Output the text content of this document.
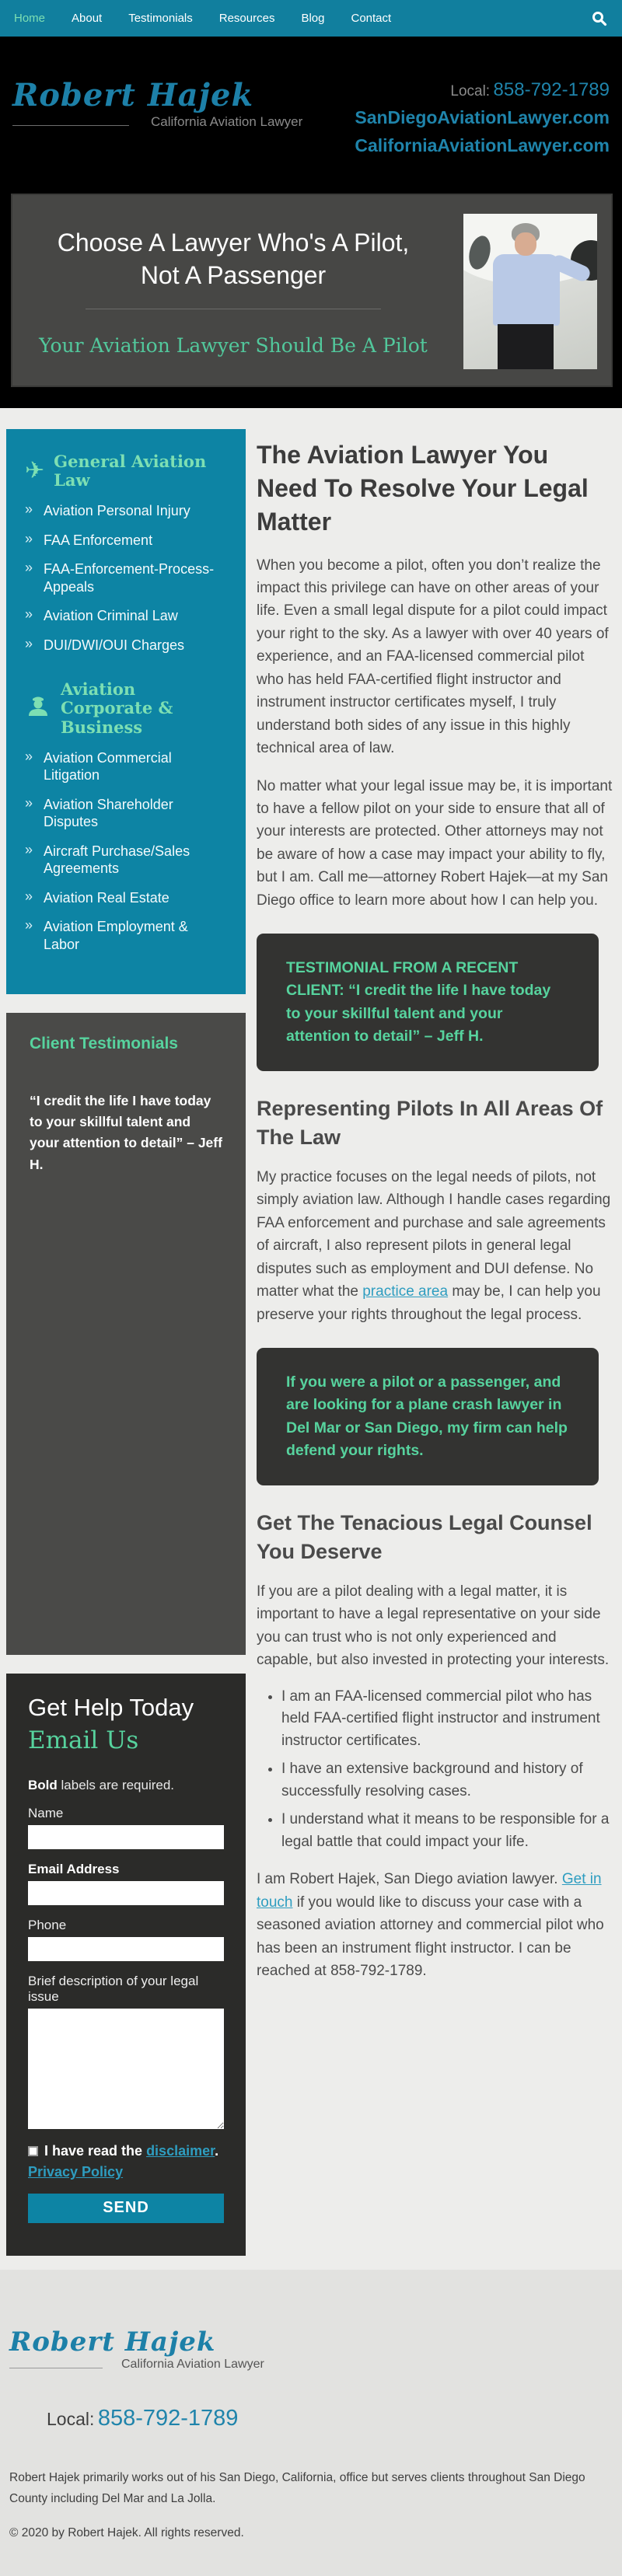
Home About Testimonials Resources Blog Contact
Robert Hajek
California Aviation Lawyer
Local: 858-792-1789
SanDiegoAviationLawyer.com
CaliforniaAviationLawyer.com
Choose A Lawyer Who's A Pilot, Not A Passenger
Your Aviation Lawyer Should Be A Pilot
✈ General Aviation Law
» Aviation Personal Injury
» FAA Enforcement
» FAA-Enforcement-Process-Appeals
» Aviation Criminal Law
» DUI/DWI/OUI Charges
Aviation Corporate & Business
» Aviation Commercial Litigation
» Aviation Shareholder Disputes
» Aircraft Purchase/Sales Agreements
» Aviation Real Estate
» Aviation Employment & Labor
Client Testimonials
“I credit the life I have today to your skillful talent and your attention to detail” – Jeff H.
Get Help Today
Email Us
Bold labels are required.
Name
Email Address
Phone
Brief description of your legal issue
I have read the disclaimer.
Privacy Policy
SEND
The Aviation Lawyer You Need To Resolve Your Legal Matter

When you become a pilot, often you don’t realize the impact this privilege can have on other areas of your life. Even a small legal dispute for a pilot could impact your right to the sky. As a lawyer with over 40 years of experience, and an FAA-licensed commercial pilot who has held FAA-certified flight instructor and instrument instructor certificates myself, I truly understand both sides of any issue in this highly technical area of law.

No matter what your legal issue may be, it is important to have a fellow pilot on your side to ensure that all of your interests are protected. Other attorneys may not be aware of how a case may impact your ability to fly, but I am. Call me—attorney Robert Hajek—at my San Diego office to learn more about how I can help you.

TESTIMONIAL FROM A RECENT CLIENT: “I credit the life I have today to your skillful talent and your attention to detail” – Jeff H.
Representing Pilots In All Areas Of The Law

My practice focuses on the legal needs of pilots, not simply aviation law. Although I handle cases regarding FAA enforcement and purchase and sale agreements of aircraft, I also represent pilots in general legal disputes such as employment and DUI defense. No matter what the practice area may be, I can help you preserve your rights throughout the legal process.

If you were a pilot or a passenger, and are looking for a plane crash lawyer in Del Mar or San Diego, my firm can help defend your rights.
Get The Tenacious Legal Counsel You Deserve

If you are a pilot dealing with a legal matter, it is important to have a legal representative on your side you can trust who is not only experienced and capable, but also invested in protecting your interests.

• I am an FAA-licensed commercial pilot who has held FAA-certified flight instructor and instrument instructor certificates.
• I have an extensive background and history of successfully resolving cases.
• I understand what it means to be responsible for a legal battle that could impact your life.

I am Robert Hajek, San Diego aviation lawyer. Get in touch if you would like to discuss your case with a seasoned aviation attorney and commercial pilot who has been an instrument flight instructor. I can be reached at 858-792-1789.

Robert Hajek
California Aviation Lawyer
Local: 858-792-1789

Robert Hajek primarily works out of his San Diego, California, office but serves clients throughout San Diego County including Del Mar and La Jolla.

© 2020 by Robert Hajek. All rights reserved.
